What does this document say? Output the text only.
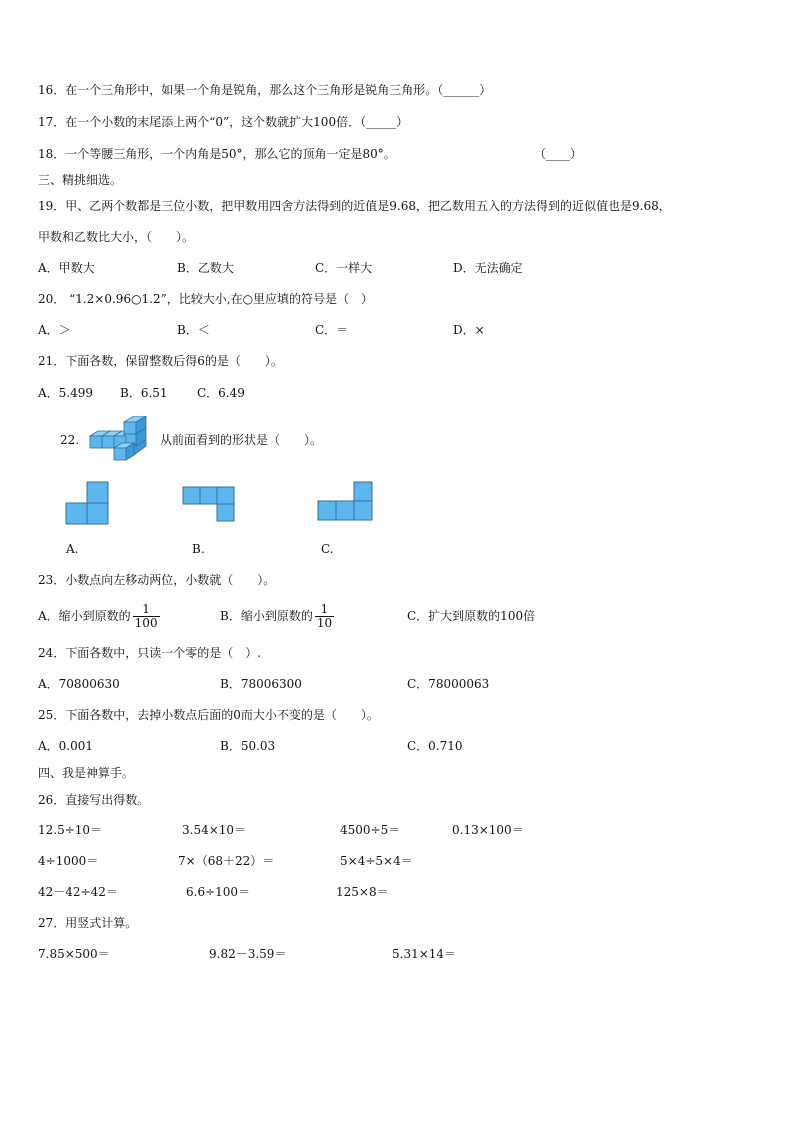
16．在一个三角形中，如果一个角是锐角，那么这个三角形是锐角三角形。（______）
17．在一个小数的末尾添上两个“0”，这个数就扩大100倍．（_____）
18．一个等腰三角形，一个内角是50°，那么它的顶角一定是80°。	（____）
三、精挑细选。
19．甲、乙两个数都是三位小数，把甲数用四舍方法得到的近值是9.68，把乙数用五入的方法得到的近似值也是9.68，
甲数和乙数比大小，（　　）。
A．甲数大	B．乙数大	C．一样大	D．无法确定
20． “1.2×0.96○1.2”，比较大小,在○里应填的符号是（　）
A．＞	B．＜	C．＝	D．×
21．下面各数，保留整数后得6的是（　　）。
A．5.499 B．6.51 C．6.49
22.	从前面看到的形状是（　　）。
A.	B.	C.
23．小数点向左移动两位，小数就（　　）。
A．缩小到原数的 $\frac{1}{100}$	B．缩小到原数的 $\frac{1}{10}$	C．扩大到原数的100倍
24．下面各数中，只读一个零的是（　）.
A．70800630	B．78006300	C．78000063
25．下面各数中，去掉小数点后面的0而大小不变的是（　　）。
A．0.001	B．50.03	C．0.710
四、我是神算手。
26．直接写出得数。
12.5÷10＝	3.54×10＝	4500÷5＝	0.13×100＝
4÷1000＝	7×（68＋22）＝	5×4÷5×4＝
42－42÷42＝	6.6÷100＝	125×8＝
27．用竖式计算。
7.85×500＝	9.82－3.59＝	5.31×14＝
